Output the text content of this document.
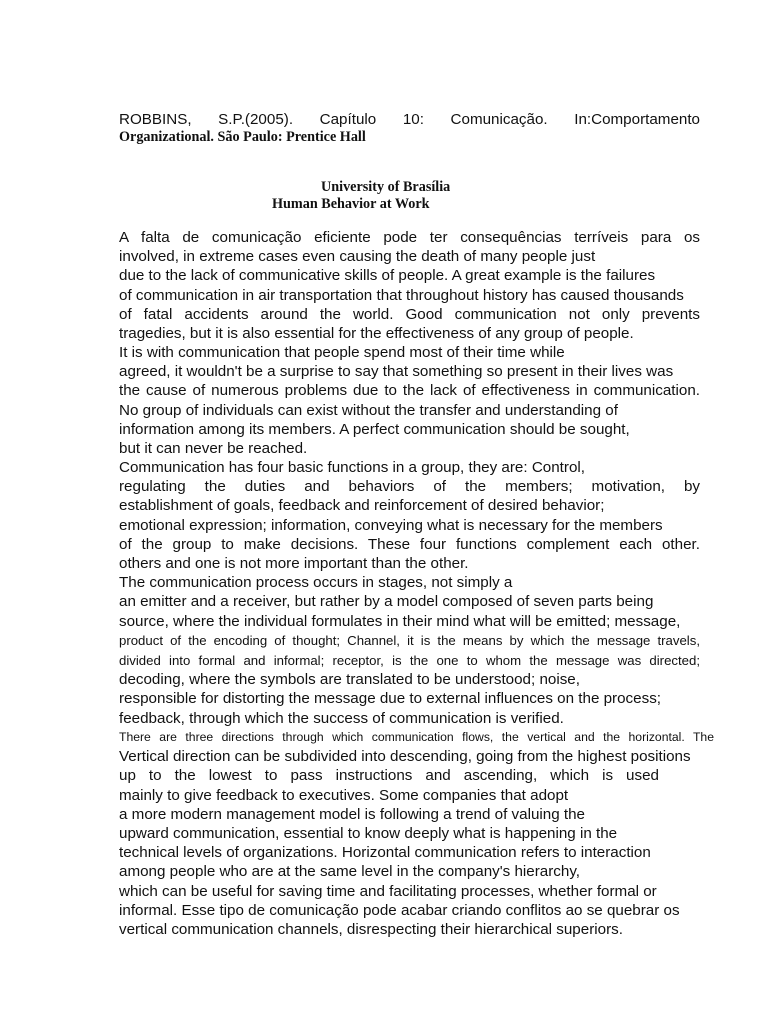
ROBBINS, S.P.(2005). Capítulo 10: Comunicação. In:Comportamento
Organizational. São Paulo: Prentice Hall
University of Brasília
Human Behavior at Work
A falta de comunicação eficiente pode ter consequências terríveis para os
involved, in extreme cases even causing the death of many people just
due to the lack of communicative skills of people. A great example is the failures
of communication in air transportation that throughout history has caused thousands
of fatal accidents around the world. Good communication not only prevents
tragedies, but it is also essential for the effectiveness of any group of people.
It is with communication that people spend most of their time while
agreed, it wouldn't be a surprise to say that something so present in their lives was
the cause of numerous problems due to the lack of effectiveness in communication.
No group of individuals can exist without the transfer and understanding of
information among its members. A perfect communication should be sought,
but it can never be reached.
Communication has four basic functions in a group, they are: Control,
regulating the duties and behaviors of the members; motivation, by
establishment of goals, feedback and reinforcement of desired behavior;
emotional expression; information, conveying what is necessary for the members
of the group to make decisions. These four functions complement each other.
others and one is not more important than the other.
The communication process occurs in stages, not simply a
an emitter and a receiver, but rather by a model composed of seven parts being
source, where the individual formulates in their mind what will be emitted; message,
product of the encoding of thought; Channel, it is the means by which the message travels,
divided into formal and informal; receptor, is the one to whom the message was directed;
decoding, where the symbols are translated to be understood; noise,
responsible for distorting the message due to external influences on the process;
feedback, through which the success of communication is verified.
There are three directions through which communication flows, the vertical and the horizontal. The
Vertical direction can be subdivided into descending, going from the highest positions
up to the lowest to pass instructions and ascending, which is used
mainly to give feedback to executives. Some companies that adopt
a more modern management model is following a trend of valuing the
upward communication, essential to know deeply what is happening in the
technical levels of organizations. Horizontal communication refers to interaction
among people who are at the same level in the company's hierarchy,
which can be useful for saving time and facilitating processes, whether formal or
informal. Esse tipo de comunicação pode acabar criando conflitos ao se quebrar os
vertical communication channels, disrespecting their hierarchical superiors.
